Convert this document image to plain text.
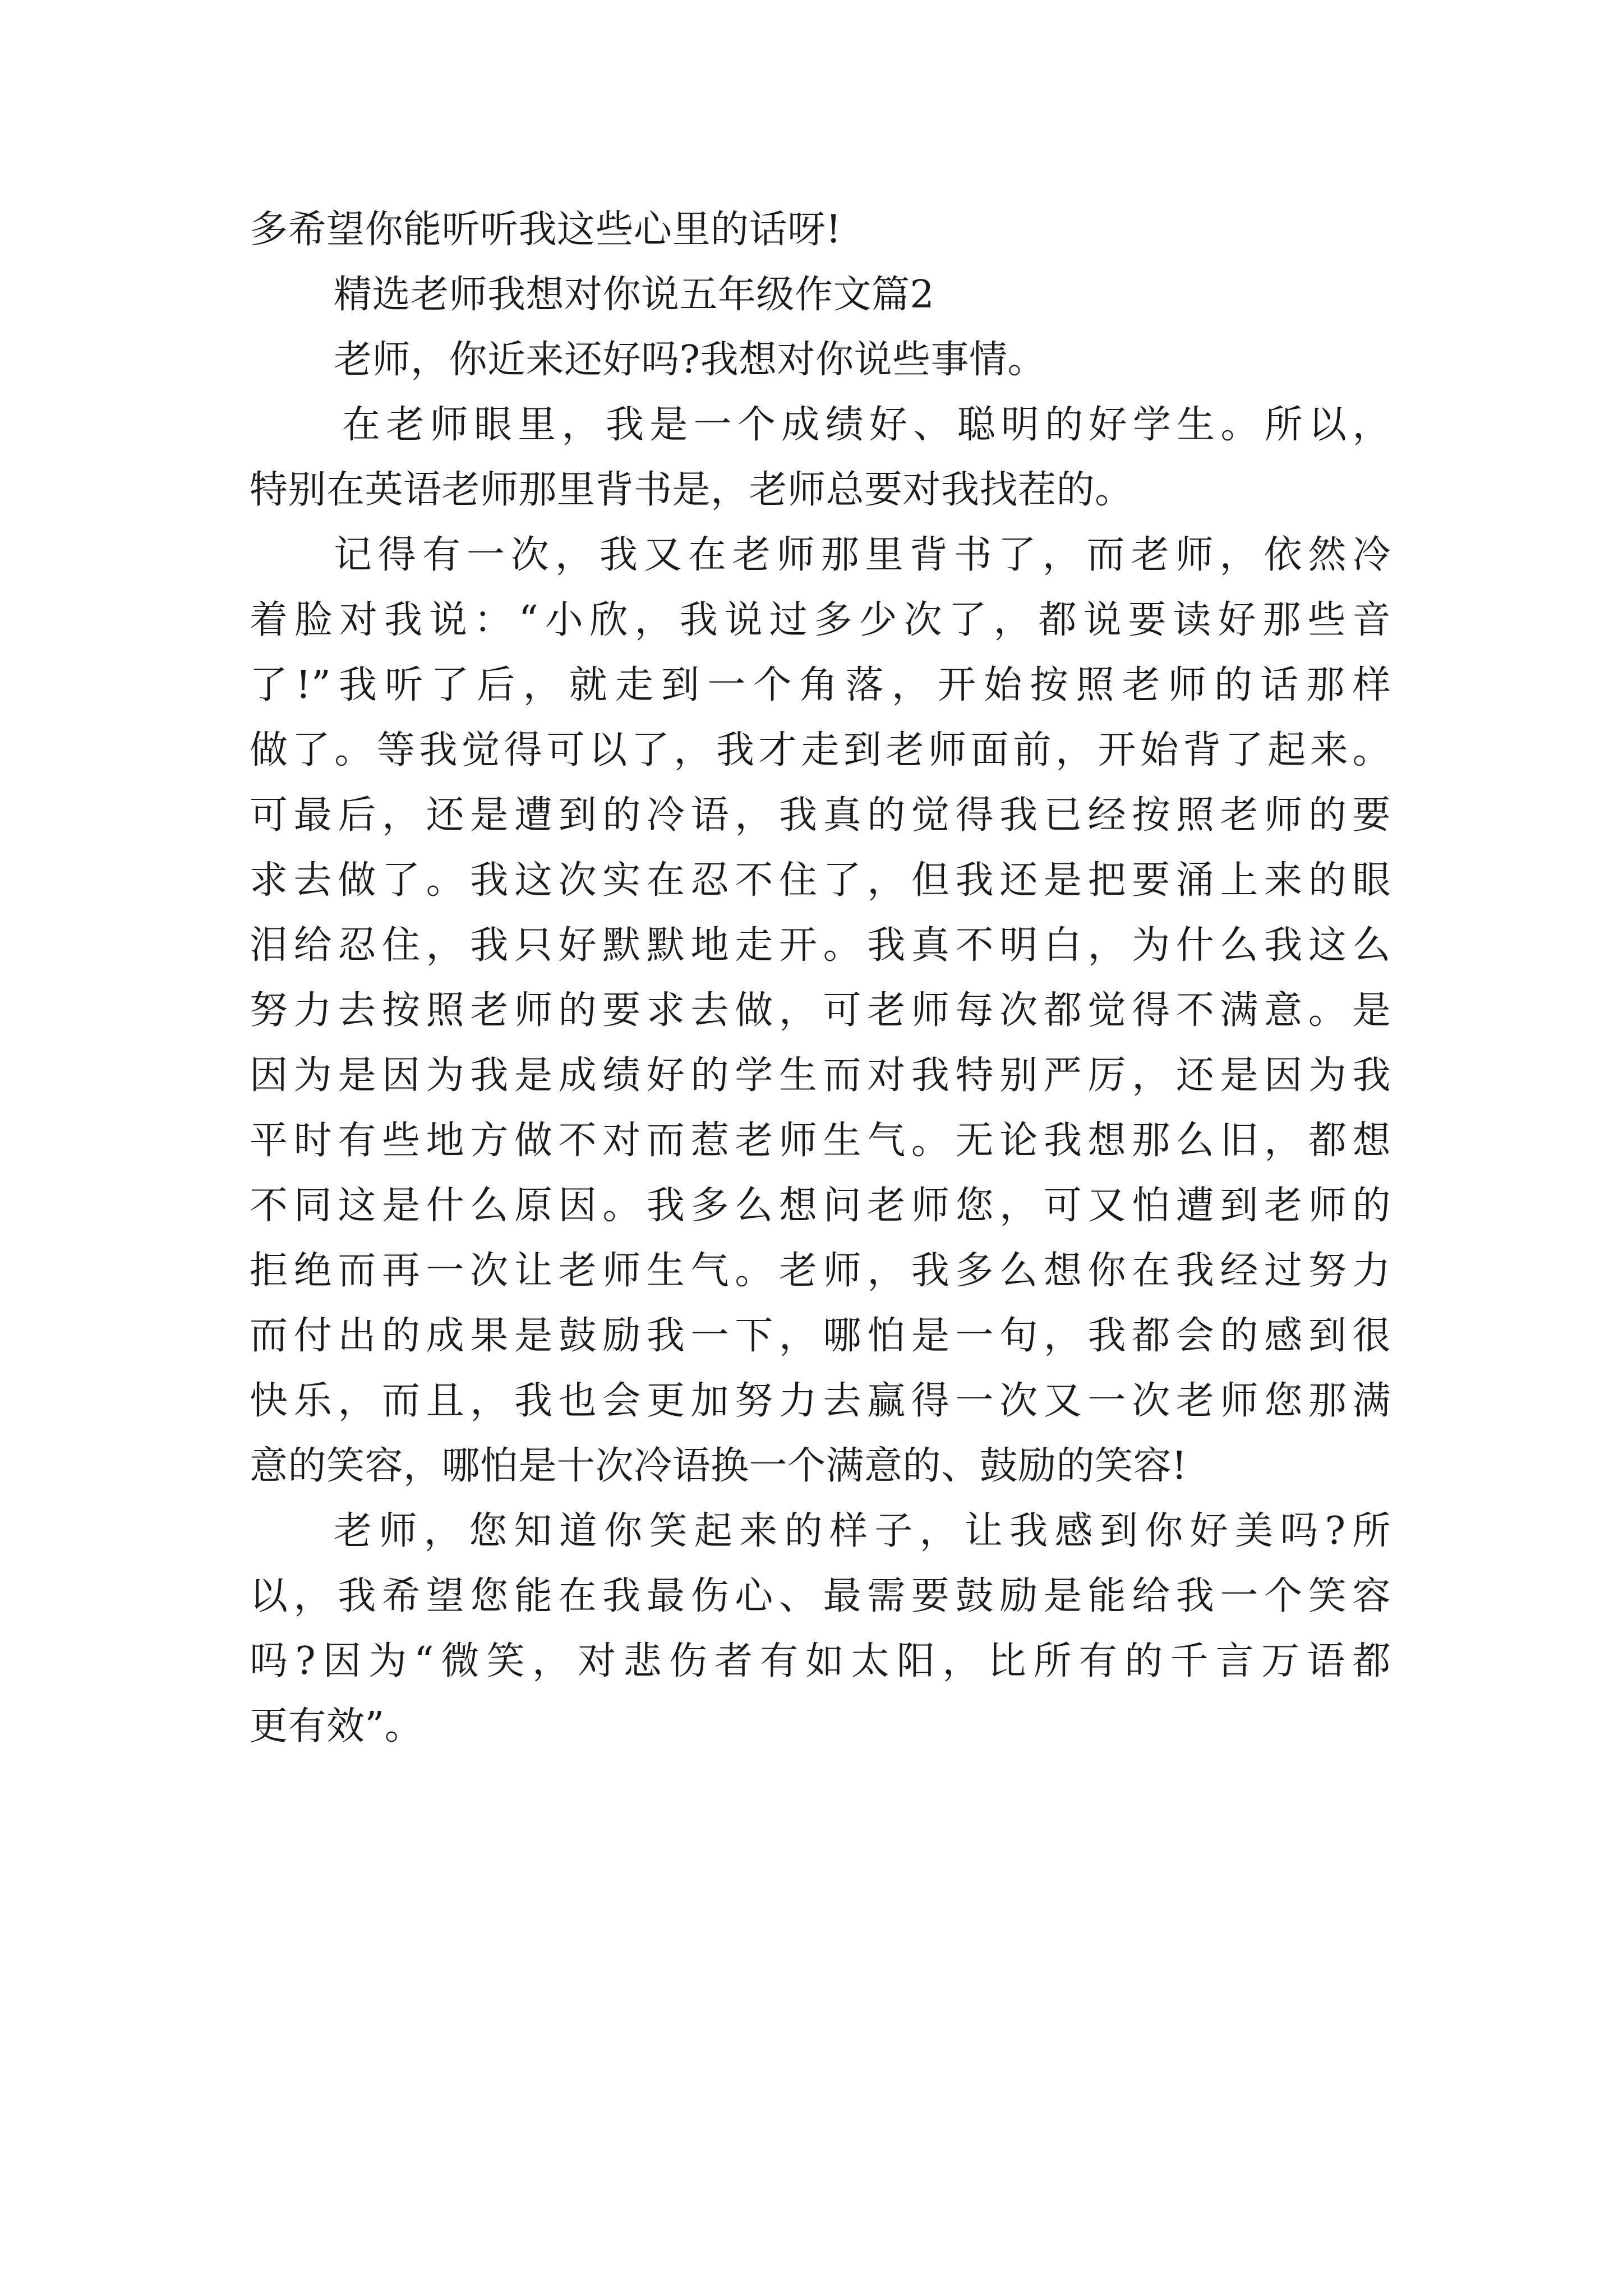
多希望你能听听我这些心里的话呀!
精选老师我想对你说五年级作文篇2
老师，你近来还好吗?我想对你说些事情。
在老师眼里，我是一个成绩好、聪明的好学生。所以，
特别在英语老师那里背书是，老师总要对我找茬的。
记得有一次，我又在老师那里背书了，而老师，依然冷
着脸对我说：“小欣，我说过多少次了，都说要读好那些音
了!”我听了后，就走到一个角落，开始按照老师的话那样
做了。等我觉得可以了，我才走到老师面前，开始背了起来。
可最后，还是遭到的冷语，我真的觉得我已经按照老师的要
求去做了。我这次实在忍不住了，但我还是把要涌上来的眼
泪给忍住，我只好默默地走开。我真不明白，为什么我这么
努力去按照老师的要求去做，可老师每次都觉得不满意。是
因为是因为我是成绩好的学生而对我特别严厉，还是因为我
平时有些地方做不对而惹老师生气。无论我想那么旧，都想
不同这是什么原因。我多么想问老师您，可又怕遭到老师的
拒绝而再一次让老师生气。老师，我多么想你在我经过努力
而付出的成果是鼓励我一下，哪怕是一句，我都会的感到很
快乐，而且，我也会更加努力去赢得一次又一次老师您那满
意的笑容，哪怕是十次冷语换一个满意的、鼓励的笑容!
老师，您知道你笑起来的样子，让我感到你好美吗?所
以，我希望您能在我最伤心、最需要鼓励是能给我一个笑容
吗?因为“微笑，对悲伤者有如太阳，比所有的千言万语都
更有效”。
